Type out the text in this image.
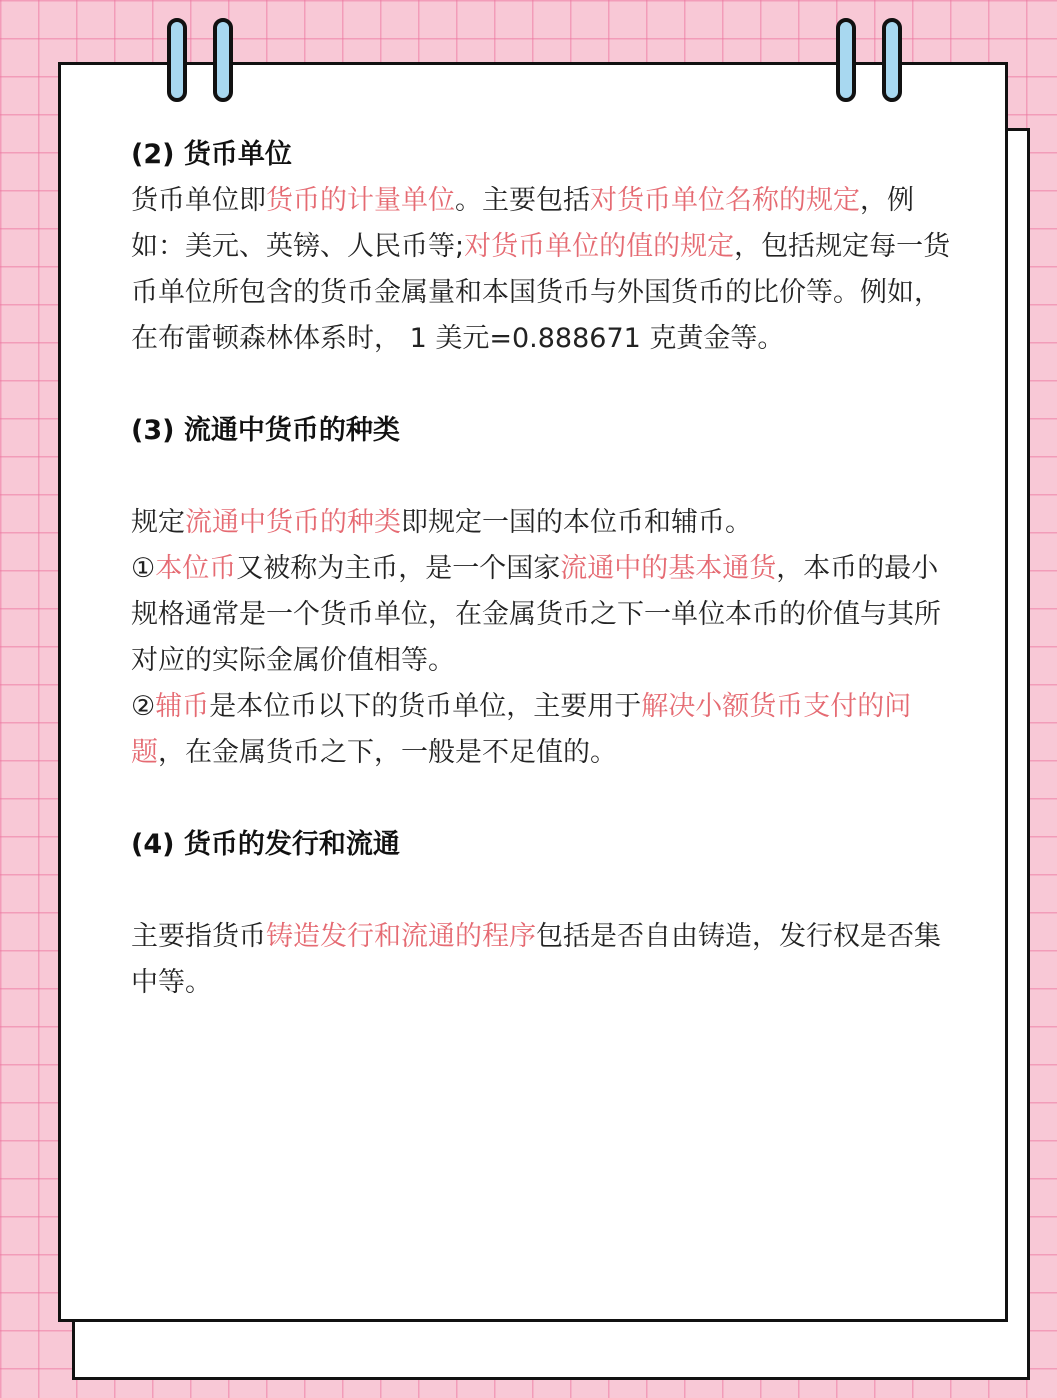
(2) 货币单位

货币单位即货币的计量单位。主要包括对货币单位名称的规定，例如：美元、英镑、人民币等;对货币单位的值的规定，包括规定每一货币单位所包含的货币金属量和本国货币与外国货币的比价等。例如，在布雷顿森林体系时， 1 美元=0.888671 克黄金等。

(3) 流通中货币的种类

规定流通中货币的种类即规定一国的本位币和辅币。

①本位币又被称为主币，是一个国家流通中的基本通货，本币的最小规格通常是一个货币单位，在金属货币之下一单位本币的价值与其所对应的实际金属价值相等。

②辅币是本位币以下的货币单位，主要用于解决小额货币支付的问题，在金属货币之下，一般是不足值的。

(4) 货币的发行和流通

主要指货币铸造发行和流通的程序包括是否自由铸造，发行权是否集中等。
